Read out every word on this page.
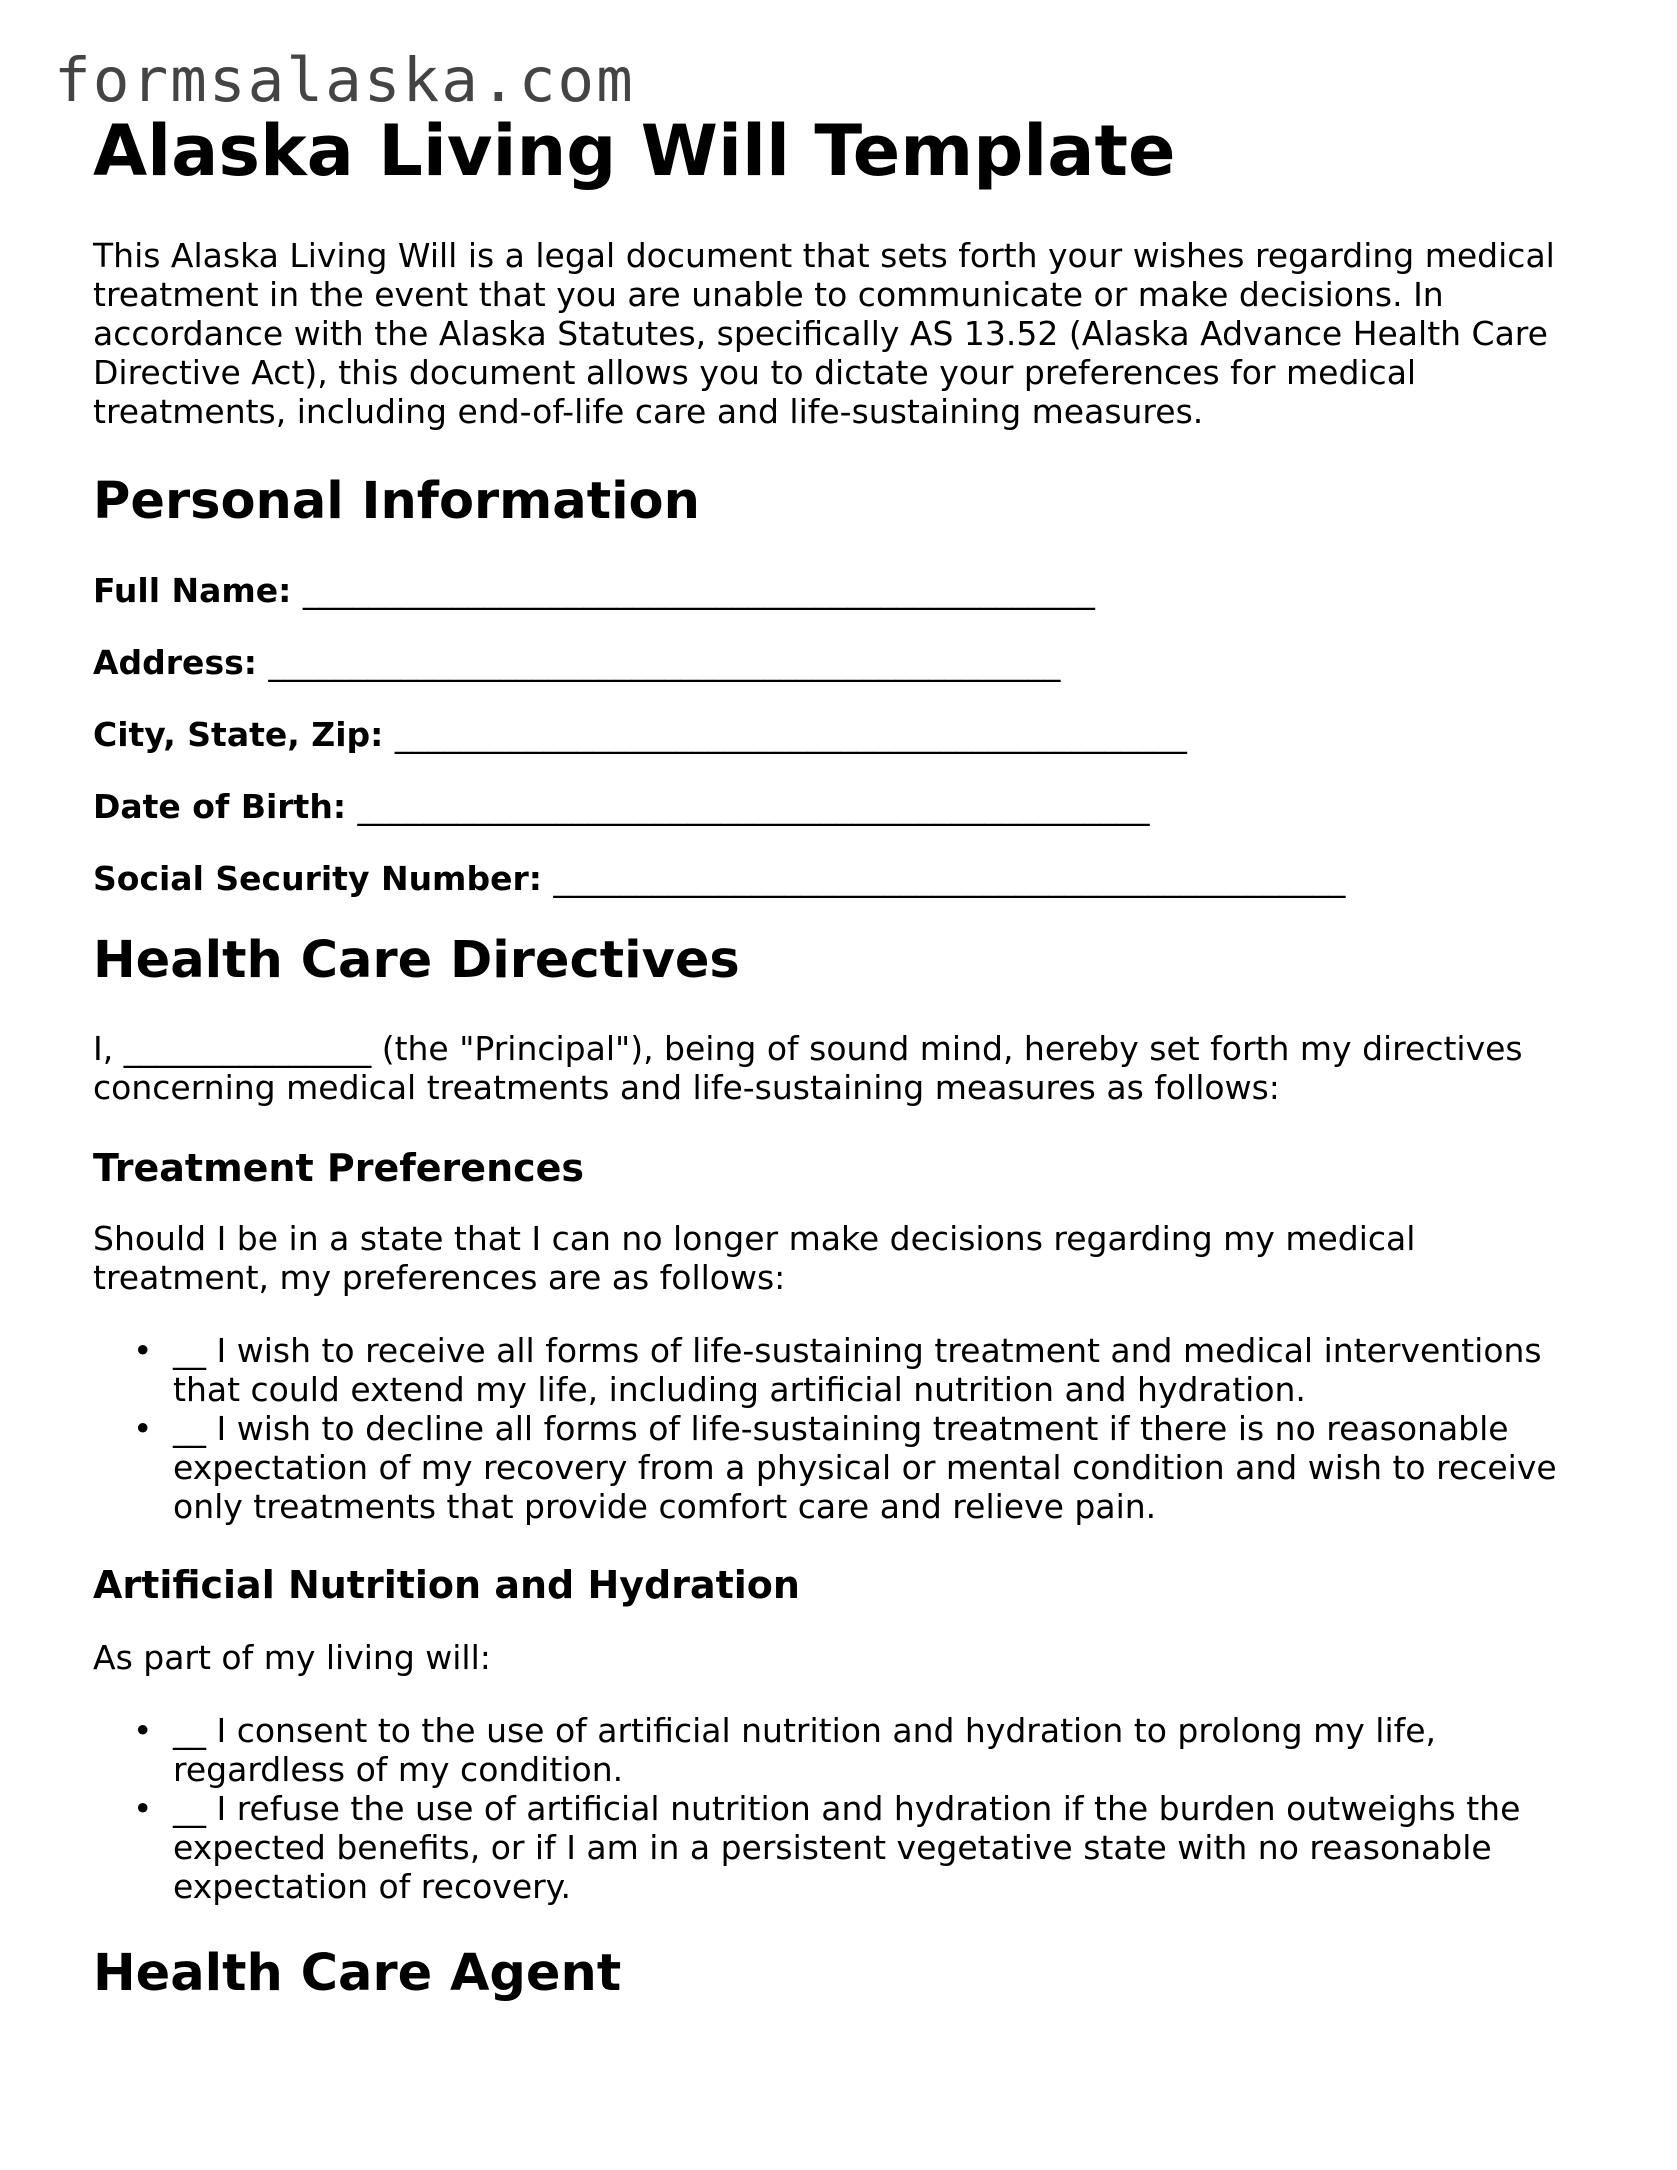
formsalaska.com
Alaska Living Will Template

This Alaska Living Will is a legal document that sets forth your wishes regarding medical treatment in the event that you are unable to communicate or make decisions. In accordance with the Alaska Statutes, specifically AS 13.52 (Alaska Advance Health Care Directive Act), this document allows you to dictate your preferences for medical treatments, including end-of-life care and life-sustaining measures.

Personal Information
Full Name: ________________________________________________
Address: ________________________________________________
City, State, Zip: ________________________________________________
Date of Birth: ________________________________________________
Social Security Number: ________________________________________________
Health Care Directives

I, _______________ (the "Principal"), being of sound mind, hereby set forth my directives concerning medical treatments and life-sustaining measures as follows:

Treatment Preferences

Should I be in a state that I can no longer make decisions regarding my medical treatment, my preferences are as follows:

• __ I wish to receive all forms of life-sustaining treatment and medical interventions that could extend my life, including artificial nutrition and hydration.
• __ I wish to decline all forms of life-sustaining treatment if there is no reasonable expectation of my recovery from a physical or mental condition and wish to receive only treatments that provide comfort care and relieve pain.
Artificial Nutrition and Hydration

As part of my living will:

• __ I consent to the use of artificial nutrition and hydration to prolong my life, regardless of my condition.
• __ I refuse the use of artificial nutrition and hydration if the burden outweighs the expected benefits, or if I am in a persistent vegetative state with no reasonable expectation of recovery.
Health Care Agent
